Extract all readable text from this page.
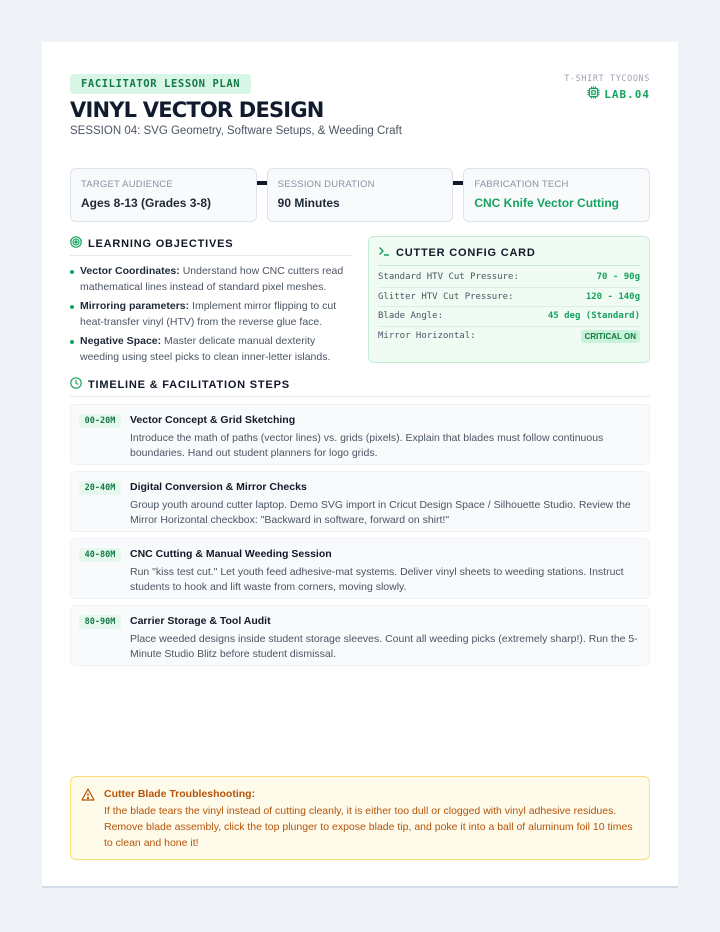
FACILITATOR LESSON PLAN
VINYL VECTOR DESIGN
SESSION 04: SVG Geometry, Software Setups, & Weeding Craft
T-SHIRT TYCOONS
LAB.04
TARGET AUDIENCE
Ages 8-13 (Grades 3-8)
SESSION DURATION
90 Minutes
FABRICATION TECH
CNC Knife Vector Cutting
LEARNING OBJECTIVES
Vector Coordinates: Understand how CNC cutters read mathematical lines instead of standard pixel meshes.
Mirroring parameters: Implement mirror flipping to cut heat-transfer vinyl (HTV) from the reverse glue face.
Negative Space: Master delicate manual dexterity weeding using steel picks to clean inner-letter islands.
CUTTER CONFIG CARD
Standard HTV Cut Pressure:	70 - 90g
Glitter HTV Cut Pressure:	120 - 140g
Blade Angle:	45 deg (Standard)
Mirror Horizontal:	CRITICAL ON
TIMELINE & FACILITATION STEPS
00-20M	Vector Concept & Grid Sketching
Introduce the math of paths (vector lines) vs. grids (pixels). Explain that blades must follow continuous boundaries. Hand out student planners for logo grids.
20-40M	Digital Conversion & Mirror Checks
Group youth around cutter laptop. Demo SVG import in Cricut Design Space / Silhouette Studio. Review the Mirror Horizontal checkbox: "Backward in software, forward on shirt!"
40-80M	CNC Cutting & Manual Weeding Session
Run "kiss test cut." Let youth feed adhesive-mat systems. Deliver vinyl sheets to weeding stations. Instruct students to hook and lift waste from corners, moving slowly.
80-90M	Carrier Storage & Tool Audit
Place weeded designs inside student storage sleeves. Count all weeding picks (extremely sharp!). Run the 5-Minute Studio Blitz before student dismissal.
Cutter Blade Troubleshooting:
If the blade tears the vinyl instead of cutting cleanly, it is either too dull or clogged with vinyl adhesive residues. Remove blade assembly, click the top plunger to expose blade tip, and poke it into a ball of aluminum foil 10 times to clean and hone it!
